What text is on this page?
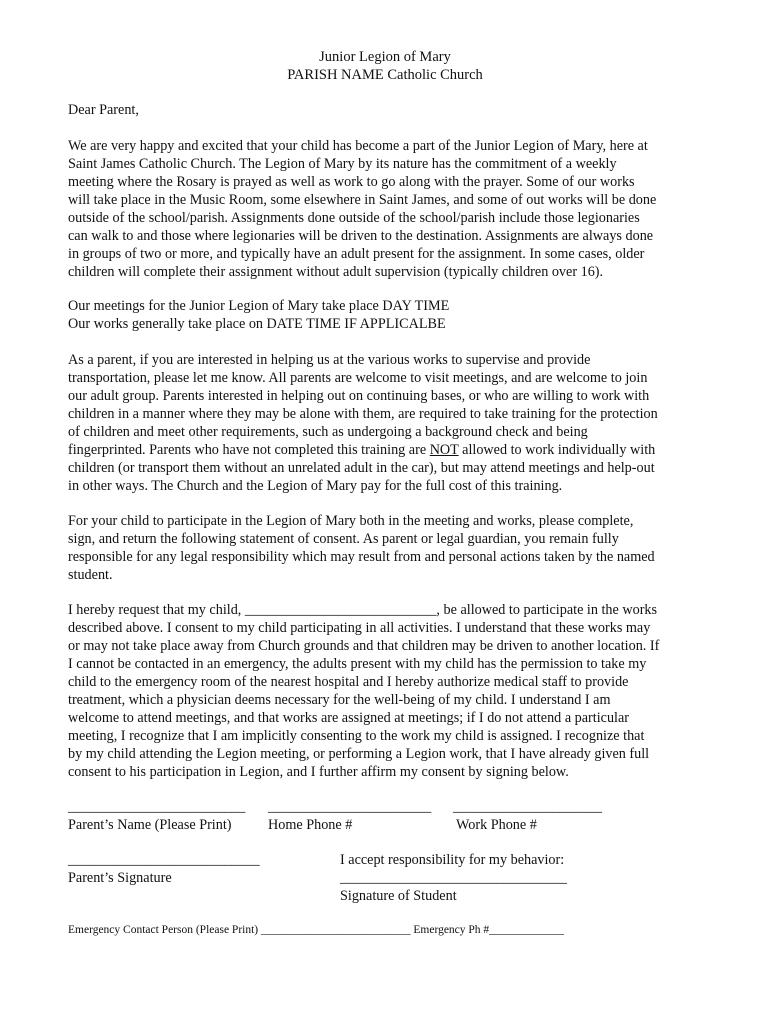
Junior Legion of Mary
PARISH NAME Catholic Church
Dear Parent,
We are very happy and excited that your child has become a part of the Junior Legion of Mary, here at
Saint James Catholic Church. The Legion of Mary by its nature has the commitment of a weekly
meeting where the Rosary is prayed as well as work to go along with the prayer. Some of our works
will take place in the Music Room, some elsewhere in Saint James, and some of out works will be done
outside of the school/parish. Assignments done outside of the school/parish include those legionaries
can walk to and those where legionaries will be driven to the destination. Assignments are always done
in groups of two or more, and typically have an adult present for the assignment. In some cases, older
children will complete their assignment without adult supervision (typically children over 16).
Our meetings for the Junior Legion of Mary take place DAY TIME
Our works generally take place on DATE TIME IF APPLICALBE
As a parent, if you are interested in helping us at the various works to supervise and provide
transportation, please let me know. All parents are welcome to visit meetings, and are welcome to join
our adult group. Parents interested in helping out on continuing bases, or who are willing to work with
children in a manner where they may be alone with them, are required to take training for the protection
of children and meet other requirements, such as undergoing a background check and being
fingerprinted. Parents who have not completed this training are NOT allowed to work individually with
children (or transport them without an unrelated adult in the car), but may attend meetings and help-out
in other ways. The Church and the Legion of Mary pay for the full cost of this training.
For your child to participate in the Legion of Mary both in the meeting and works, please complete,
sign, and return the following statement of consent. As parent or legal guardian, you remain fully
responsible for any legal responsibility which may result from and personal actions taken by the named
student.
I hereby request that my child, ___________________________, be allowed to participate in the works
described above. I consent to my child participating in all activities. I understand that these works may
or may not take place away from Church grounds and that children may be driven to another location. If
I cannot be contacted in an emergency, the adults present with my child has the permission to take my
child to the emergency room of the nearest hospital and I hereby authorize medical staff to provide
treatment, which a physician deems necessary for the well-being of my child. I understand I am
welcome to attend meetings, and that works are assigned at meetings; if I do not attend a particular
meeting, I recognize that I am implicitly consenting to the work my child is assigned. I recognize that
by my child attending the Legion meeting, or performing a Legion work, that I have already given full
consent to his participation in Legion, and I further affirm my consent by signing below.
_________________________ _______________________ _____________________
Parent’s Name (Please Print)	Home Phone #	Work Phone #
___________________________	I accept responsibility for my behavior:
Parent’s Signature	________________________________
Signature of Student
Emergency Contact Person (Please Print) __________________________ Emergency Ph #_____________
